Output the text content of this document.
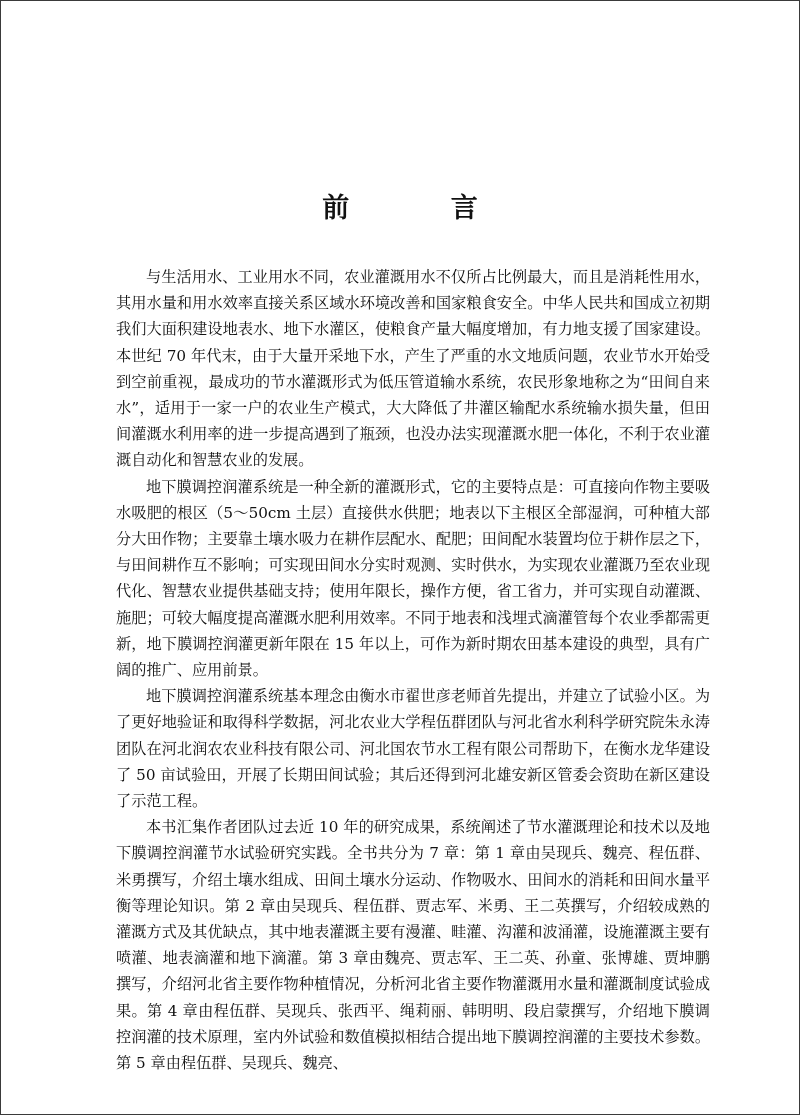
前 言

与生活用水、工业用水不同，农业灌溉用水不仅所占比例最大，而且是消耗性用水，其用水量和用水效率直接关系区域水环境改善和国家粮食安全。中华人民共和国成立初期我们大面积建设地表水、地下水灌区，使粮食产量大幅度增加，有力地支援了国家建设。本世纪 70 年代末，由于大量开采地下水，产生了严重的水文地质问题，农业节水开始受到空前重视，最成功的节水灌溉形式为低压管道输水系统，农民形象地称之为“田间自来水”，适用于一家一户的农业生产模式，大大降低了井灌区输配水系统输水损失量，但田间灌溉水利用率的进一步提高遇到了瓶颈，也没办法实现灌溉水肥一体化，不利于农业灌溉自动化和智慧农业的发展。

地下膜调控润灌系统是一种全新的灌溉形式，它的主要特点是：可直接向作物主要吸水吸肥的根区（5～50cm 土层）直接供水供肥；地表以下主根区全部湿润，可种植大部分大田作物；主要靠土壤水吸力在耕作层配水、配肥；田间配水装置均位于耕作层之下，与田间耕作互不影响；可实现田间水分实时观测、实时供水，为实现农业灌溉乃至农业现代化、智慧农业提供基础支持；使用年限长，操作方便，省工省力，并可实现自动灌溉、施肥；可较大幅度提高灌溉水肥利用效率。不同于地表和浅埋式滴灌管每个农业季都需更新，地下膜调控润灌更新年限在 15 年以上，可作为新时期农田基本建设的典型，具有广阔的推广、应用前景。

地下膜调控润灌系统基本理念由衡水市翟世彦老师首先提出，并建立了试验小区。为了更好地验证和取得科学数据，河北农业大学程伍群团队与河北省水利科学研究院朱永涛团队在河北润农农业科技有限公司、河北国农节水工程有限公司帮助下，在衡水龙华建设了 50 亩试验田，开展了长期田间试验；其后还得到河北雄安新区管委会资助在新区建设了示范工程。

本书汇集作者团队过去近 10 年的研究成果，系统阐述了节水灌溉理论和技术以及地下膜调控润灌节水试验研究实践。全书共分为 7 章：第 1 章由吴现兵、魏亮、程伍群、米勇撰写，介绍土壤水组成、田间土壤水分运动、作物吸水、田间水的消耗和田间水量平衡等理论知识。第 2 章由吴现兵、程伍群、贾志军、米勇、王二英撰写，介绍较成熟的灌溉方式及其优缺点，其中地表灌溉主要有漫灌、畦灌、沟灌和波涌灌，设施灌溉主要有喷灌、地表滴灌和地下滴灌。第 3 章由魏亮、贾志军、王二英、孙童、张博雄、贾坤鹏撰写，介绍河北省主要作物种植情况，分析河北省主要作物灌溉用水量和灌溉制度试验成果。第 4 章由程伍群、吴现兵、张西平、绳莉丽、韩明明、段启蒙撰写，介绍地下膜调控润灌的技术原理，室内外试验和数值模拟相结合提出地下膜调控润灌的主要技术参数。第 5 章由程伍群、吴现兵、魏亮、
